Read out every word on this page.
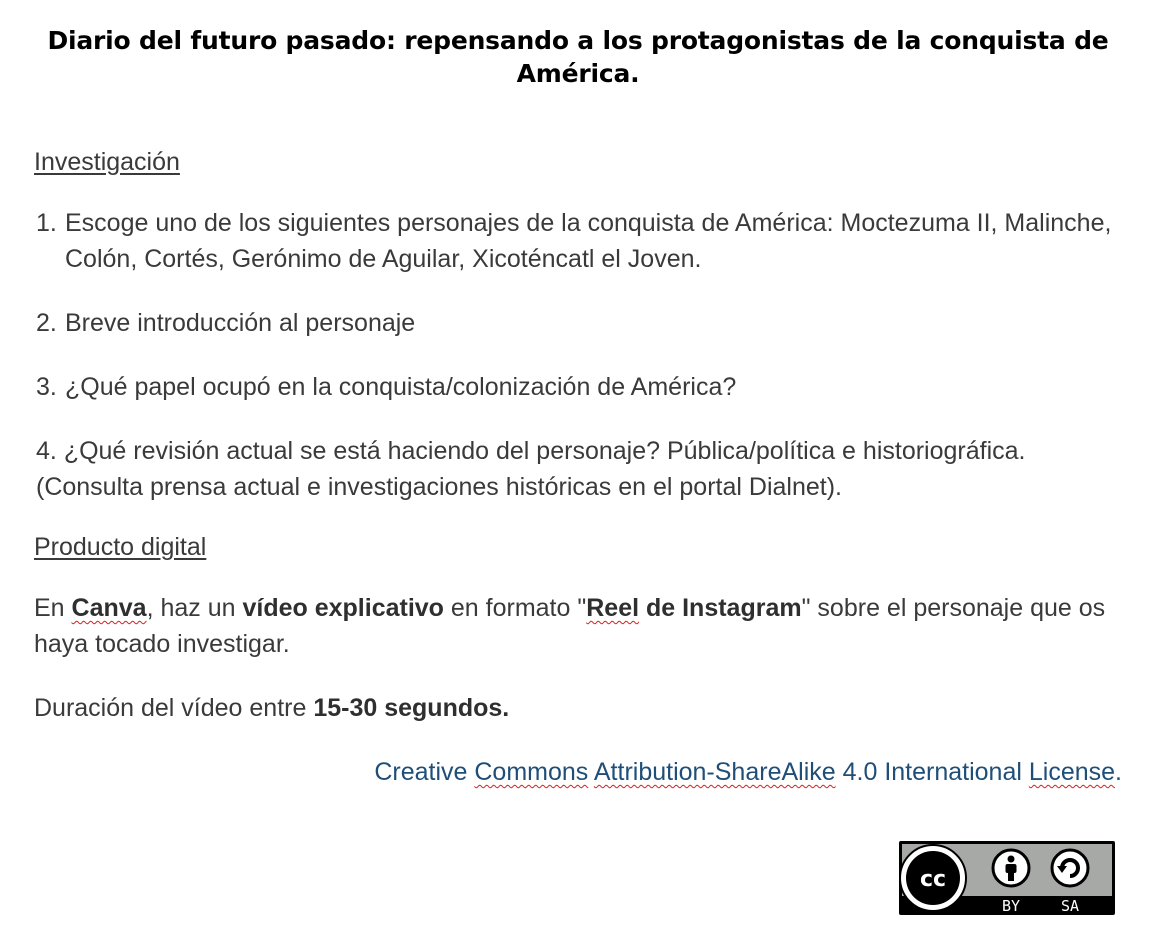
Diario del futuro pasado: repensando a los protagonistas de la conquista de América.
Investigación
1. Escoge uno de los siguientes personajes de la conquista de América: Moctezuma II, Malinche, Colón, Cortés, Gerónimo de Aguilar, Xicoténcatl el Joven.
2. Breve introducción al personaje
3. ¿Qué papel ocupó en la conquista/colonización de América?
4. ¿Qué revisión actual se está haciendo del personaje? Pública/política e historiográfica. (Consulta prensa actual e investigaciones históricas en el portal Dialnet).
Producto digital

En Canva, haz un vídeo explicativo en formato "Reel de Instagram" sobre el personaje que os haya tocado investigar.

Duración del vídeo entre 15-30 segundos.

Creative Commons Attribution-ShareAlike 4.0 International License.
cc
BY	SA
